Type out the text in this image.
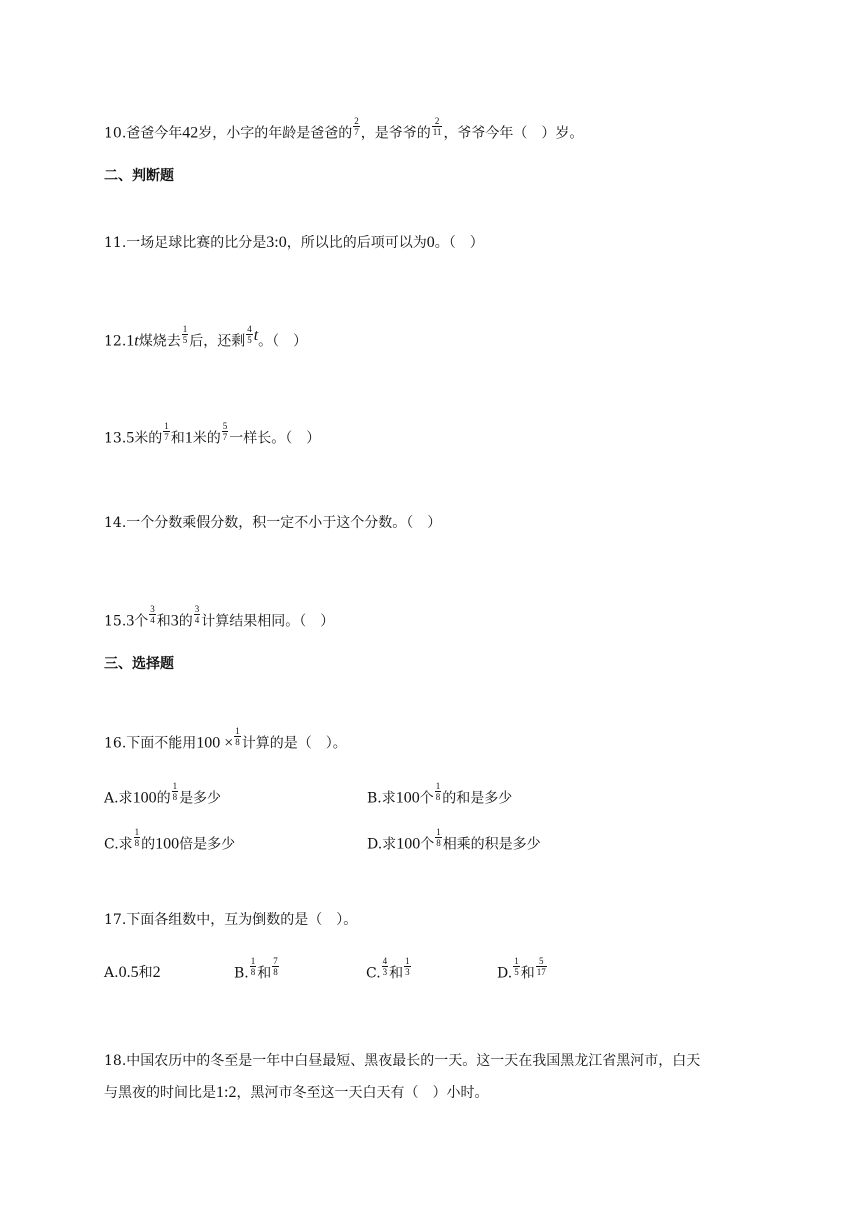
10.爸爸今年42岁，小字的年龄是爸爸的 $\frac{2}{7}$ ，是爷爷的 $\frac{2}{11}$ ，爷爷今年（　）岁。
二、判断题
11.一场足球比赛的比分是3:0，所以比的后项可以为0。（　）
12.1t煤烧去 $\frac{1}{5}$ 后，还剩 $\frac{4}{5}$ t。（　）
13.5米的 $\frac{1}{7}$ 和1米的 $\frac{5}{7}$ 一样长。（　）
14.一个分数乘假分数，积一定不小于这个分数。（　）
15.3个 $\frac{3}{4}$ 和3的 $\frac{3}{4}$ 计算结果相同。（　）
三、选择题
16.下面不能用$100 \times \frac{1}{8}$ 计算的是（　）。
A.求100的 $\frac{1}{8}$ 是多少	B.求100个 $\frac{1}{8}$ 的和是多少
C.求 $\frac{1}{8}$ 的100倍是多少	D.求100个 $\frac{1}{8}$ 相乘的积是多少
17.下面各组数中，互为倒数的是（　）。
A.0.5和2	B. $\frac{1}{8}$ 和 $\frac{7}{8}$	C. $\frac{4}{3}$ 和 $\frac{1}{3}$	D. $\frac{1}{5}$ 和 $\frac{5}{17}$
18.中国农历中的冬至是一年中白昼最短、黑夜最长的一天。这一天在我国黑龙江省黑河市，白天
与黑夜的时间比是1:2，黑河市冬至这一天白天有（　）小时。
